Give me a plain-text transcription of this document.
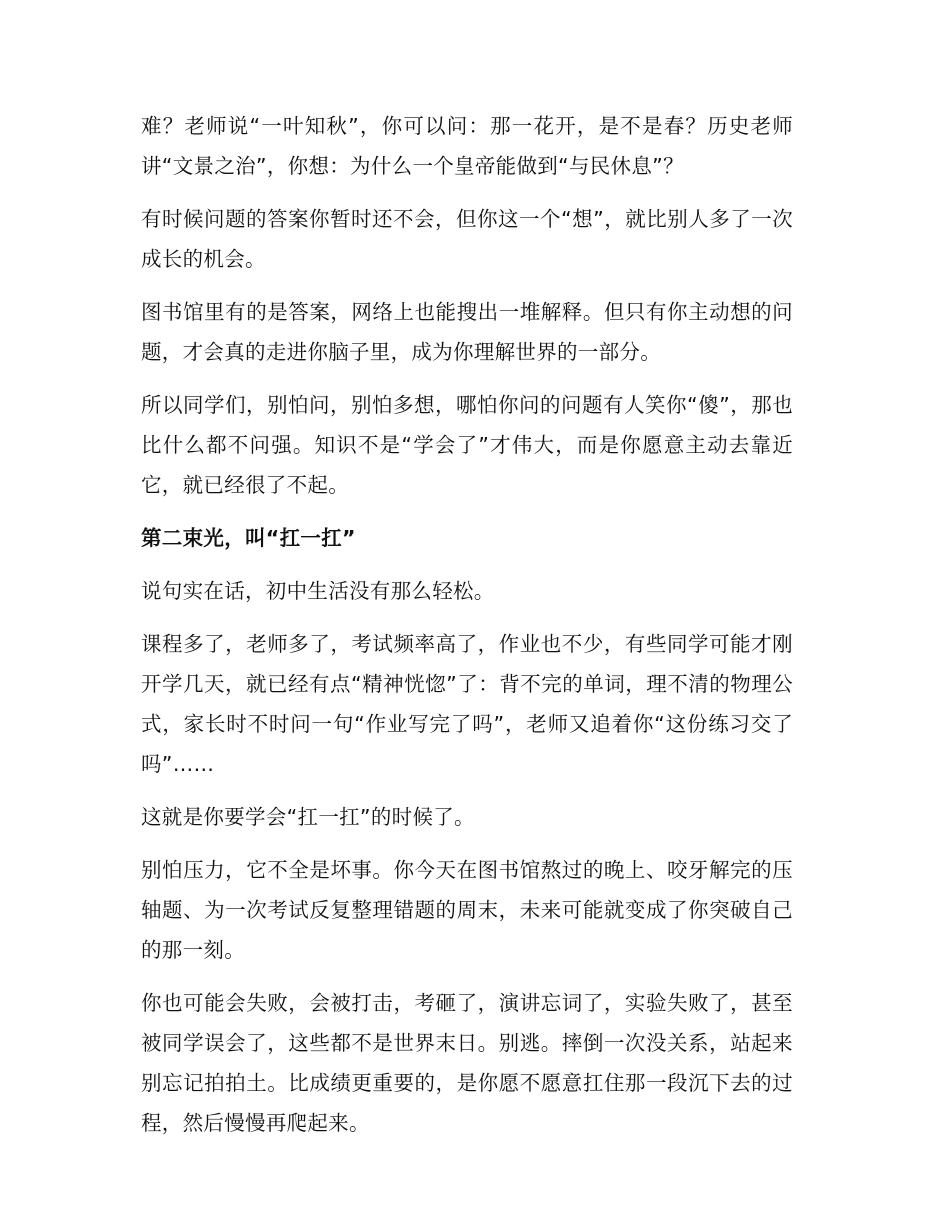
难？老师说“一叶知秋”，你可以问：那一花开，是不是春？历史老师讲“文景之治”，你想：为什么一个皇帝能做到“与民休息”？

有时候问题的答案你暂时还不会，但你这一个“想”，就比别人多了一次成长的机会。

图书馆里有的是答案，网络上也能搜出一堆解释。但只有你主动想的问题，才会真的走进你脑子里，成为你理解世界的一部分。

所以同学们，别怕问，别怕多想，哪怕你问的问题有人笑你“傻”，那也比什么都不问强。知识不是“学会了”才伟大，而是你愿意主动去靠近它，就已经很了不起。

第二束光，叫“扛一扛”

说句实在话，初中生活没有那么轻松。

课程多了，老师多了，考试频率高了，作业也不少，有些同学可能才刚开学几天，就已经有点“精神恍惚”了：背不完的单词，理不清的物理公式，家长时不时问一句“作业写完了吗”，老师又追着你“这份练习交了吗”……

这就是你要学会“扛一扛”的时候了。

别怕压力，它不全是坏事。你今天在图书馆熬过的晚上、咬牙解完的压轴题、为一次考试反复整理错题的周末，未来可能就变成了你突破自己的那一刻。

你也可能会失败，会被打击，考砸了，演讲忘词了，实验失败了，甚至被同学误会了，这些都不是世界末日。别逃。摔倒一次没关系，站起来别忘记拍拍土。比成绩更重要的，是你愿不愿意扛住那一段沉下去的过程，然后慢慢再爬起来。
